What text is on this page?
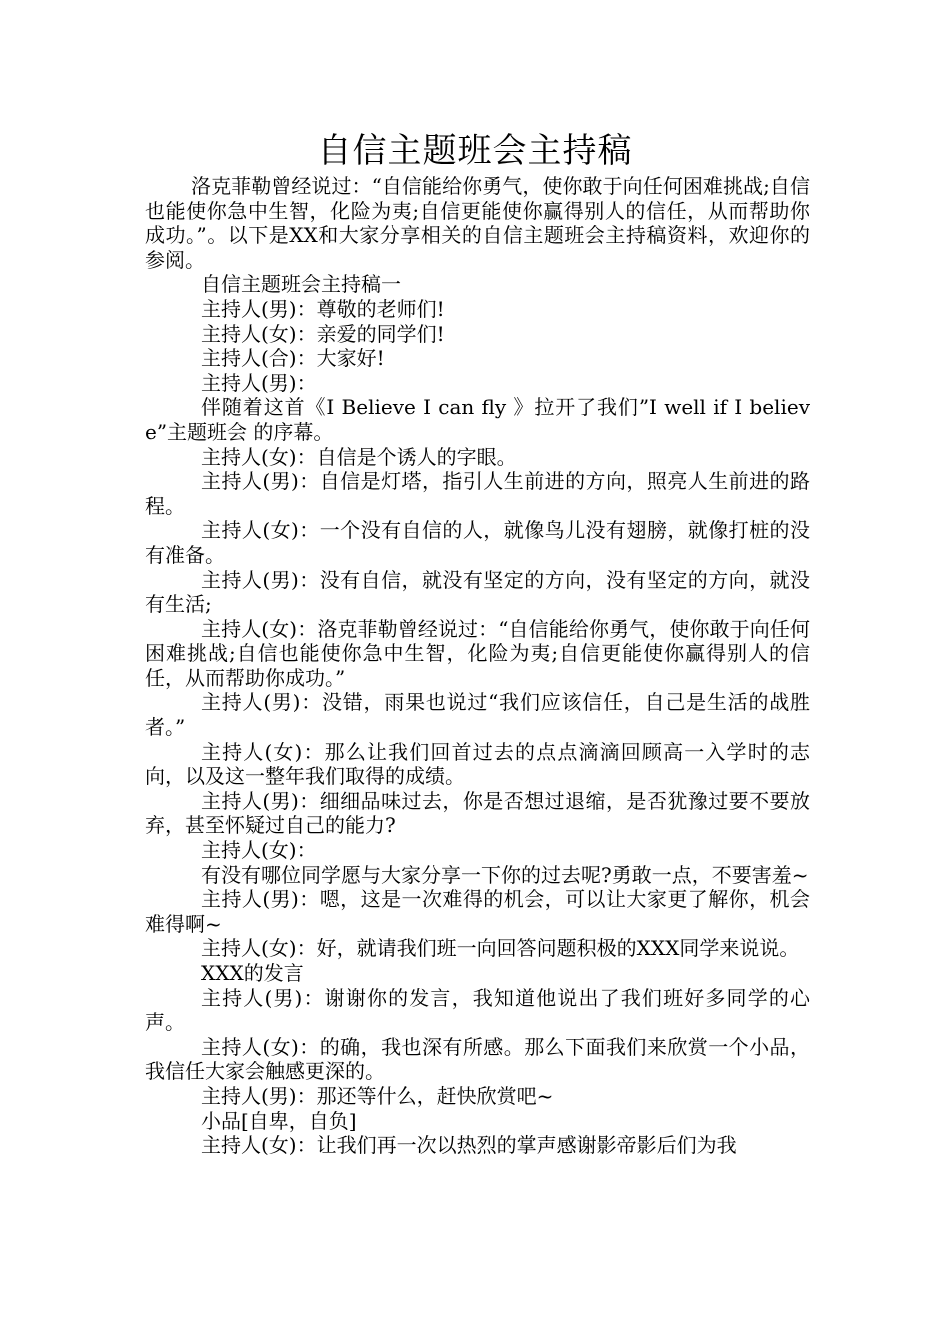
自信主题班会主持稿

洛克菲勒曾经说过：“自信能给你勇气，使你敢于向任何困难挑战;自信也能使你急中生智，化险为夷;自信更能使你赢得别人的信任，从而帮助你成功。”。以下是XX和大家分享相关的自信主题班会主持稿资料，欢迎你的参阅。

自信主题班会主持稿一

主持人(男)：尊敬的老师们!

主持人(女)：亲爱的同学们!

主持人(合)：大家好!

主持人(男)：

伴随着这首《I Believe I can fly 》拉开了我们”I well if I believe”主题班会 的序幕。

主持人(女)：自信是个诱人的字眼。

主持人(男)：自信是灯塔，指引人生前进的方向，照亮人生前进的路程。

主持人(女)：一个没有自信的人，就像鸟儿没有翅膀，就像打桩的没有准备。

主持人(男)：没有自信，就没有坚定的方向，没有坚定的方向，就没有生活;

主持人(女)：洛克菲勒曾经说过：“自信能给你勇气，使你敢于向任何困难挑战;自信也能使你急中生智，化险为夷;自信更能使你赢得别人的信任，从而帮助你成功。”

主持人(男)：没错，雨果也说过“我们应该信任，自己是生活的战胜者。”

主持人(女)：那么让我们回首过去的点点滴滴回顾高一入学时的志向，以及这一整年我们取得的成绩。

主持人(男)：细细品味过去，你是否想过退缩，是否犹豫过要不要放弃，甚至怀疑过自己的能力?

主持人(女)：

有没有哪位同学愿与大家分享一下你的过去呢?勇敢一点，不要害羞~

主持人(男)：嗯，这是一次难得的机会，可以让大家更了解你，机会难得啊~

主持人(女)：好，就请我们班一向回答问题积极的XXX同学来说说。

XXX的发言

主持人(男)：谢谢你的发言，我知道他说出了我们班好多同学的心声。

主持人(女)：的确，我也深有所感。那么下面我们来欣赏一个小品，我信任大家会触感更深的。

主持人(男)：那还等什么，赶快欣赏吧~

小品[自卑，自负]

主持人(女)：让我们再一次以热烈的掌声感谢影帝影后们为我
